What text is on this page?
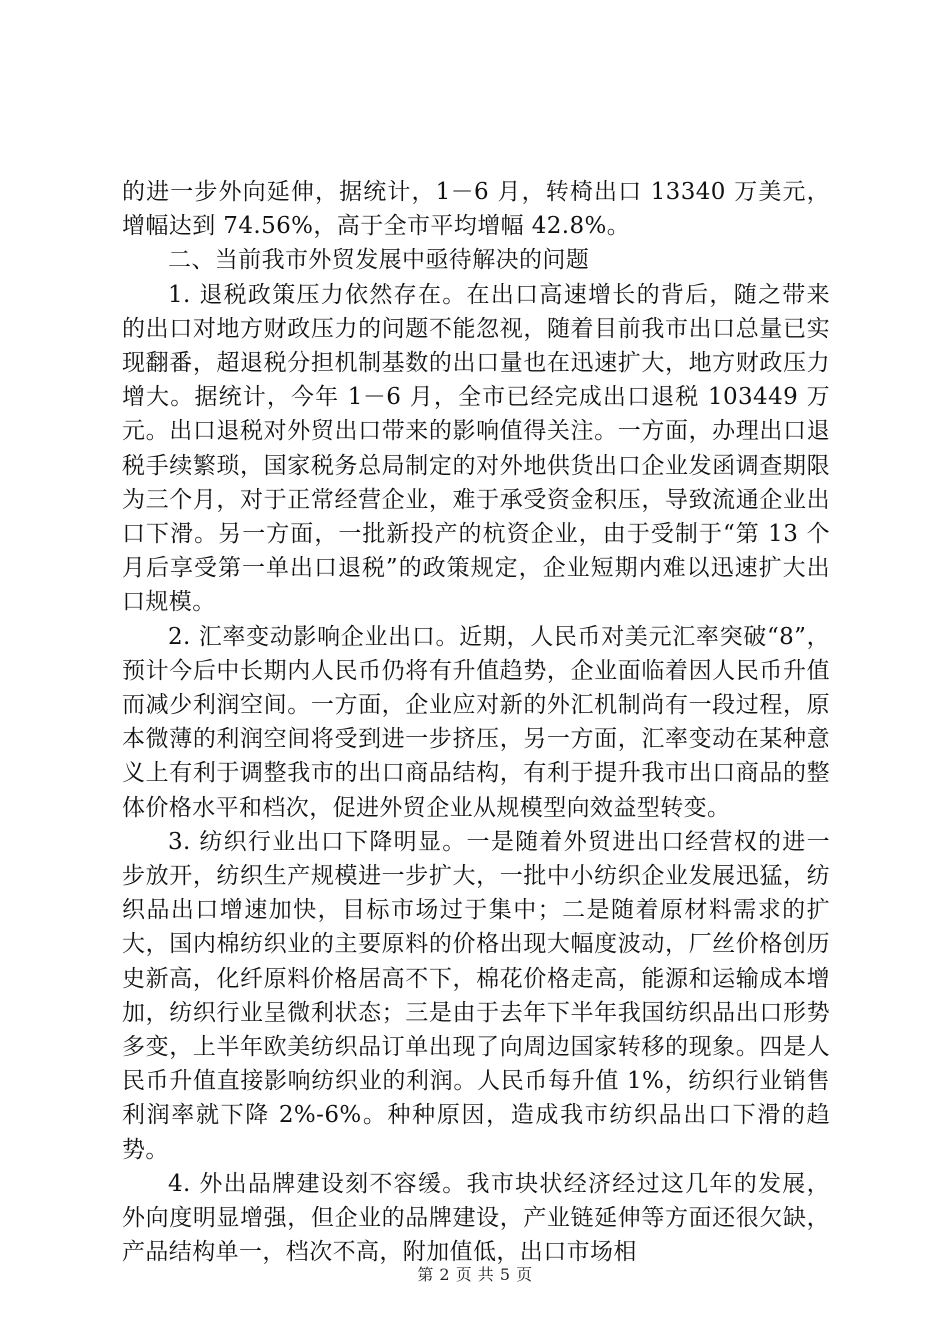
的进一步外向延伸，据统计，1－6 月，转椅出口 13340 万美元，增幅达到 74.56%，高于全市平均增幅 42.8%。

二、当前我市外贸发展中亟待解决的问题

1. 退税政策压力依然存在。在出口高速增长的背后，随之带来的出口对地方财政压力的问题不能忽视，随着目前我市出口总量已实现翻番，超退税分担机制基数的出口量也在迅速扩大，地方财政压力增大。据统计，今年 1－6 月，全市已经完成出口退税 103449 万元。出口退税对外贸出口带来的影响值得关注。一方面，办理出口退税手续繁琐，国家税务总局制定的对外地供货出口企业发函调查期限为三个月，对于正常经营企业，难于承受资金积压，导致流通企业出口下滑。另一方面，一批新投产的杭资企业，由于受制于“第 13 个月后享受第一单出口退税”的政策规定，企业短期内难以迅速扩大出口规模。

2. 汇率变动影响企业出口。近期，人民币对美元汇率突破“8”，预计今后中长期内人民币仍将有升值趋势，企业面临着因人民币升值而减少利润空间。一方面，企业应对新的外汇机制尚有一段过程，原本微薄的利润空间将受到进一步挤压，另一方面，汇率变动在某种意义上有利于调整我市的出口商品结构，有利于提升我市出口商品的整体价格水平和档次，促进外贸企业从规模型向效益型转变。

3. 纺织行业出口下降明显。一是随着外贸进出口经营权的进一步放开，纺织生产规模进一步扩大，一批中小纺织企业发展迅猛，纺织品出口增速加快，目标市场过于集中；二是随着原材料需求的扩大，国内棉纺织业的主要原料的价格出现大幅度波动，厂丝价格创历史新高，化纤原料价格居高不下，棉花价格走高，能源和运输成本增加，纺织行业呈微利状态；三是由于去年下半年我国纺织品出口形势多变，上半年欧美纺织品订单出现了向周边国家转移的现象。四是人民币升值直接影响纺织业的利润。人民币每升值 1%，纺织行业销售利润率就下降 2%-6%。种种原因，造成我市纺织品出口下滑的趋势。

4. 外出品牌建设刻不容缓。我市块状经济经过这几年的发展，外向度明显增强，但企业的品牌建设，产业链延伸等方面还很欠缺，产品结构单一，档次不高，附加值低，出口市场相

第 2 页 共 5 页
